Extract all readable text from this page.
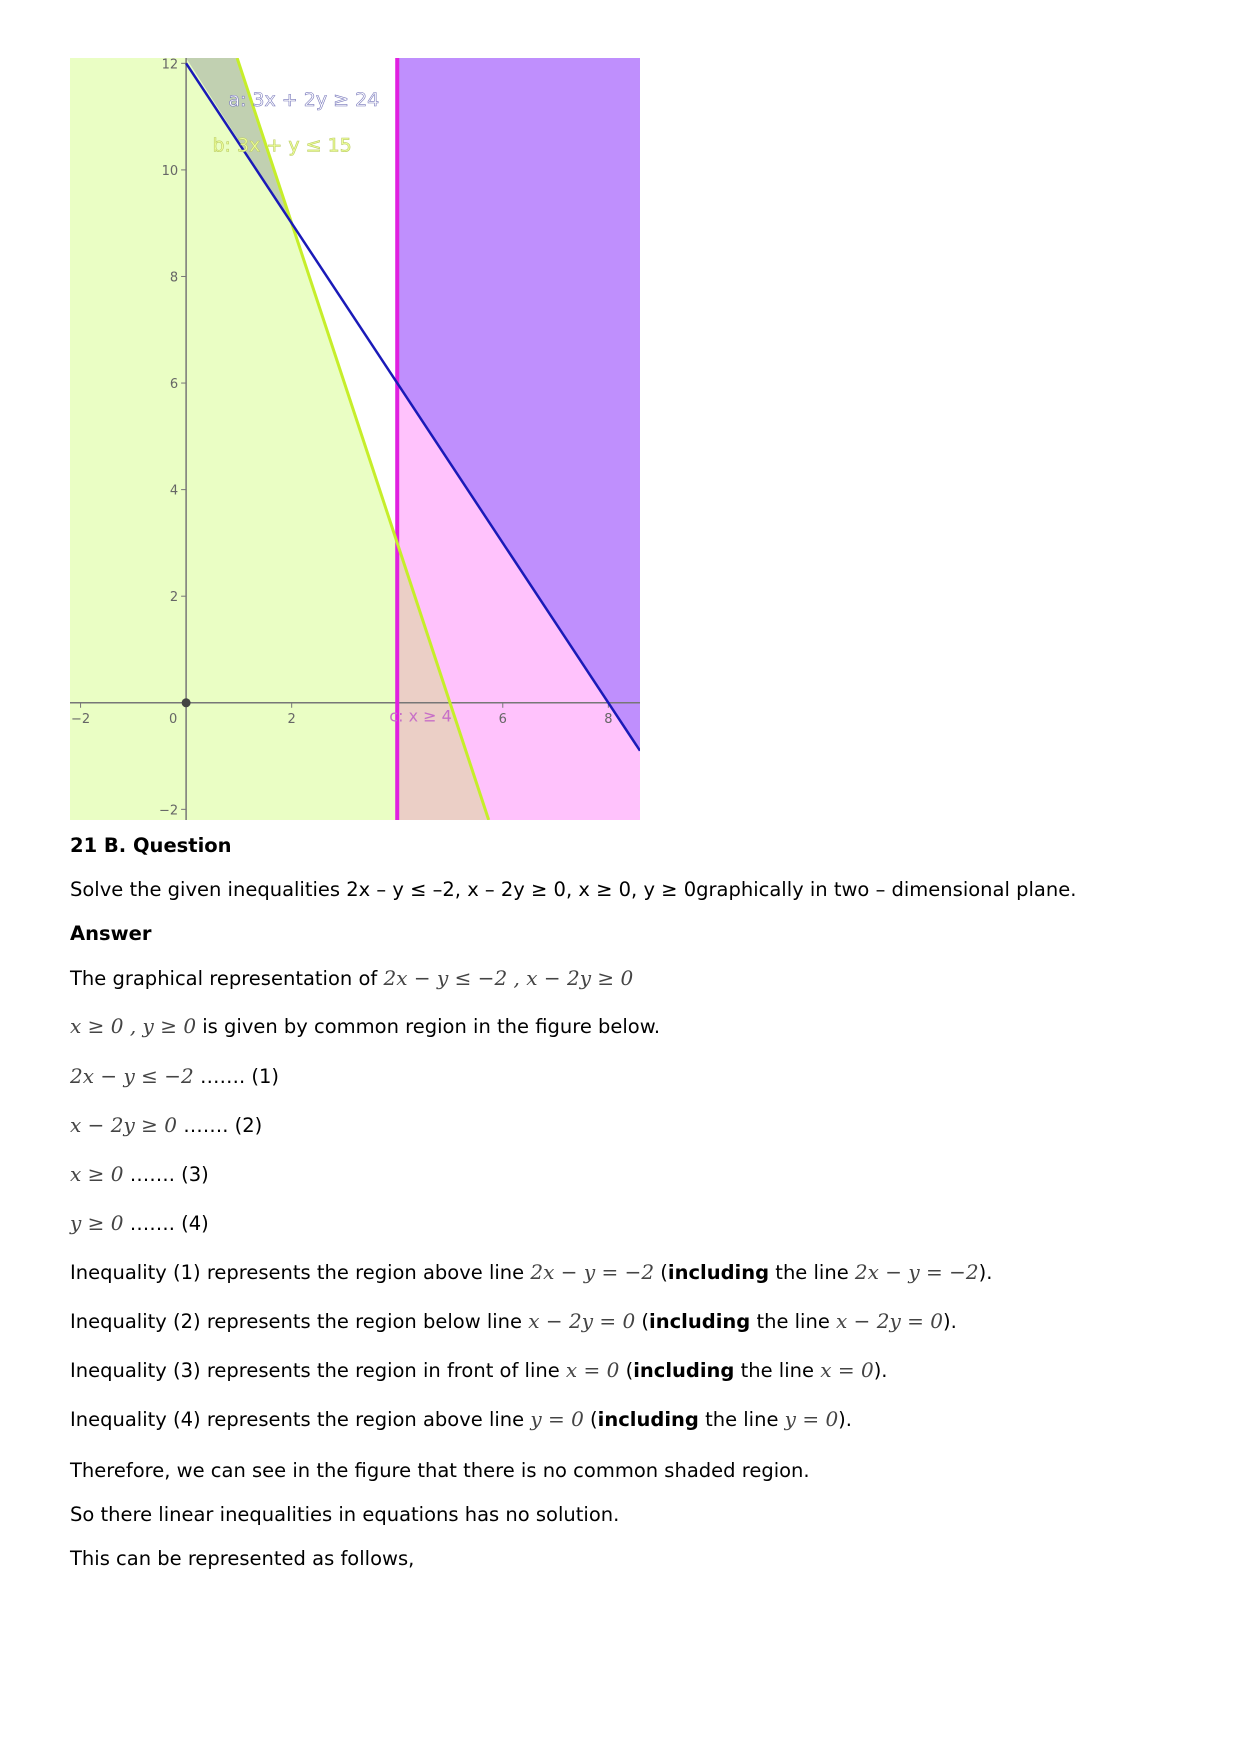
−2	0	2	6	8
−2
2
4
6
8
10
12
a: 3x + 2y ≥ 24
b: 3x + y ≤ 15
c: x ≥ 4
21 B. Question
Solve the given inequalities 2x – y ≤ –2, x – 2y ≥ 0, x ≥ 0, y ≥ 0graphically in two – dimensional plane.
Answer
The graphical representation of 2x − y ≤ −2 , x − 2y ≥ 0
x ≥ 0 , y ≥ 0 is given by common region in the figure below.
2x − y ≤ −2 ……. (1)
x − 2y ≥ 0 ……. (2)
x ≥ 0 ……. (3)
y ≥ 0 ……. (4)
Inequality (1) represents the region above line 2x − y = −2 (including the line 2x − y = −2).
Inequality (2) represents the region below line x − 2y = 0 (including the line x − 2y = 0).
Inequality (3) represents the region in front of line x = 0 (including the line x = 0).
Inequality (4) represents the region above line y = 0 (including the line y = 0).
Therefore, we can see in the figure that there is no common shaded region.
So there linear inequalities in equations has no solution.
This can be represented as follows,
